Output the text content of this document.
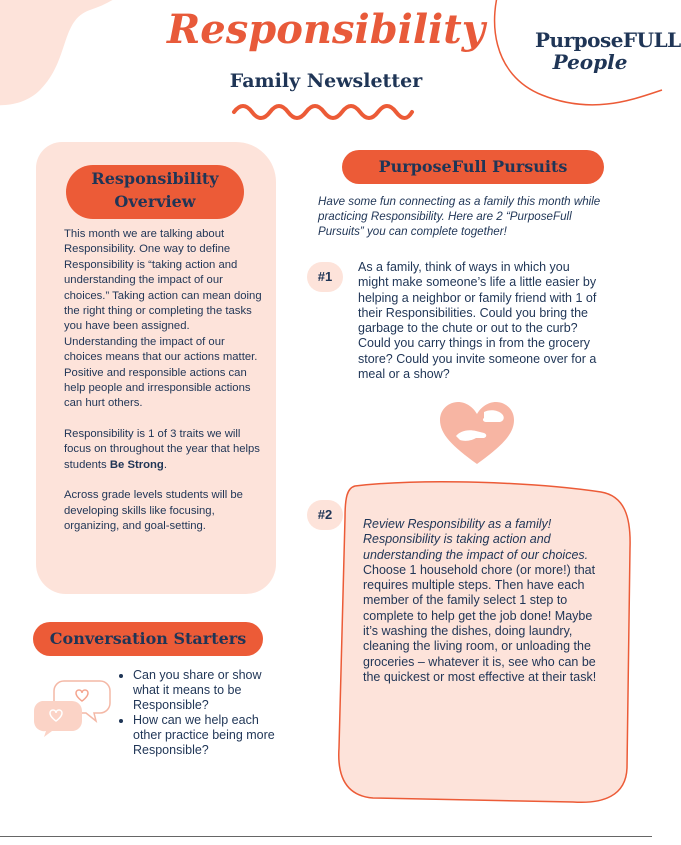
Responsibility
Family Newsletter
PurposeFULL
People
Responsibility
Overview

This month we are talking about Responsibility. One way to define Responsibility is “taking action and understanding the impact of our choices.” Taking action can mean doing the right thing or completing the tasks you have been assigned. Understanding the impact of our choices means that our actions matter. Positive and responsible actions can help people and irresponsible actions can hurt others.

Responsibility is 1 of 3 traits we will focus on throughout the year that helps students Be Strong.

Across grade levels students will be developing skills like focusing, organizing, and goal-setting.

Conversation Starters
• Can you share or show what it means to be Responsible?
• How can we help each other practice being more Responsible?
PurposeFull Pursuits
Have some fun connecting as a family this month while practicing Responsibility. Here are 2 “PurposeFull Pursuits” you can complete together!
#1
As a family, think of ways in which you might make someone’s life a little easier by helping a neighbor or family friend with 1 of their Responsibilities. Could you bring the garbage to the chute or out to the curb? Could you carry things in from the grocery store? Could you invite someone over for a meal or a show?
#2
Review Responsibility as a family! Responsibility is taking action and understanding the impact of our choices.
Choose 1 household chore (or more!) that requires multiple steps. Then have each member of the family select 1 step to complete to help get the job done! Maybe it’s washing the dishes, doing laundry, cleaning the living room, or unloading the groceries – whatever it is, see who can be the quickest or most effective at their task!
